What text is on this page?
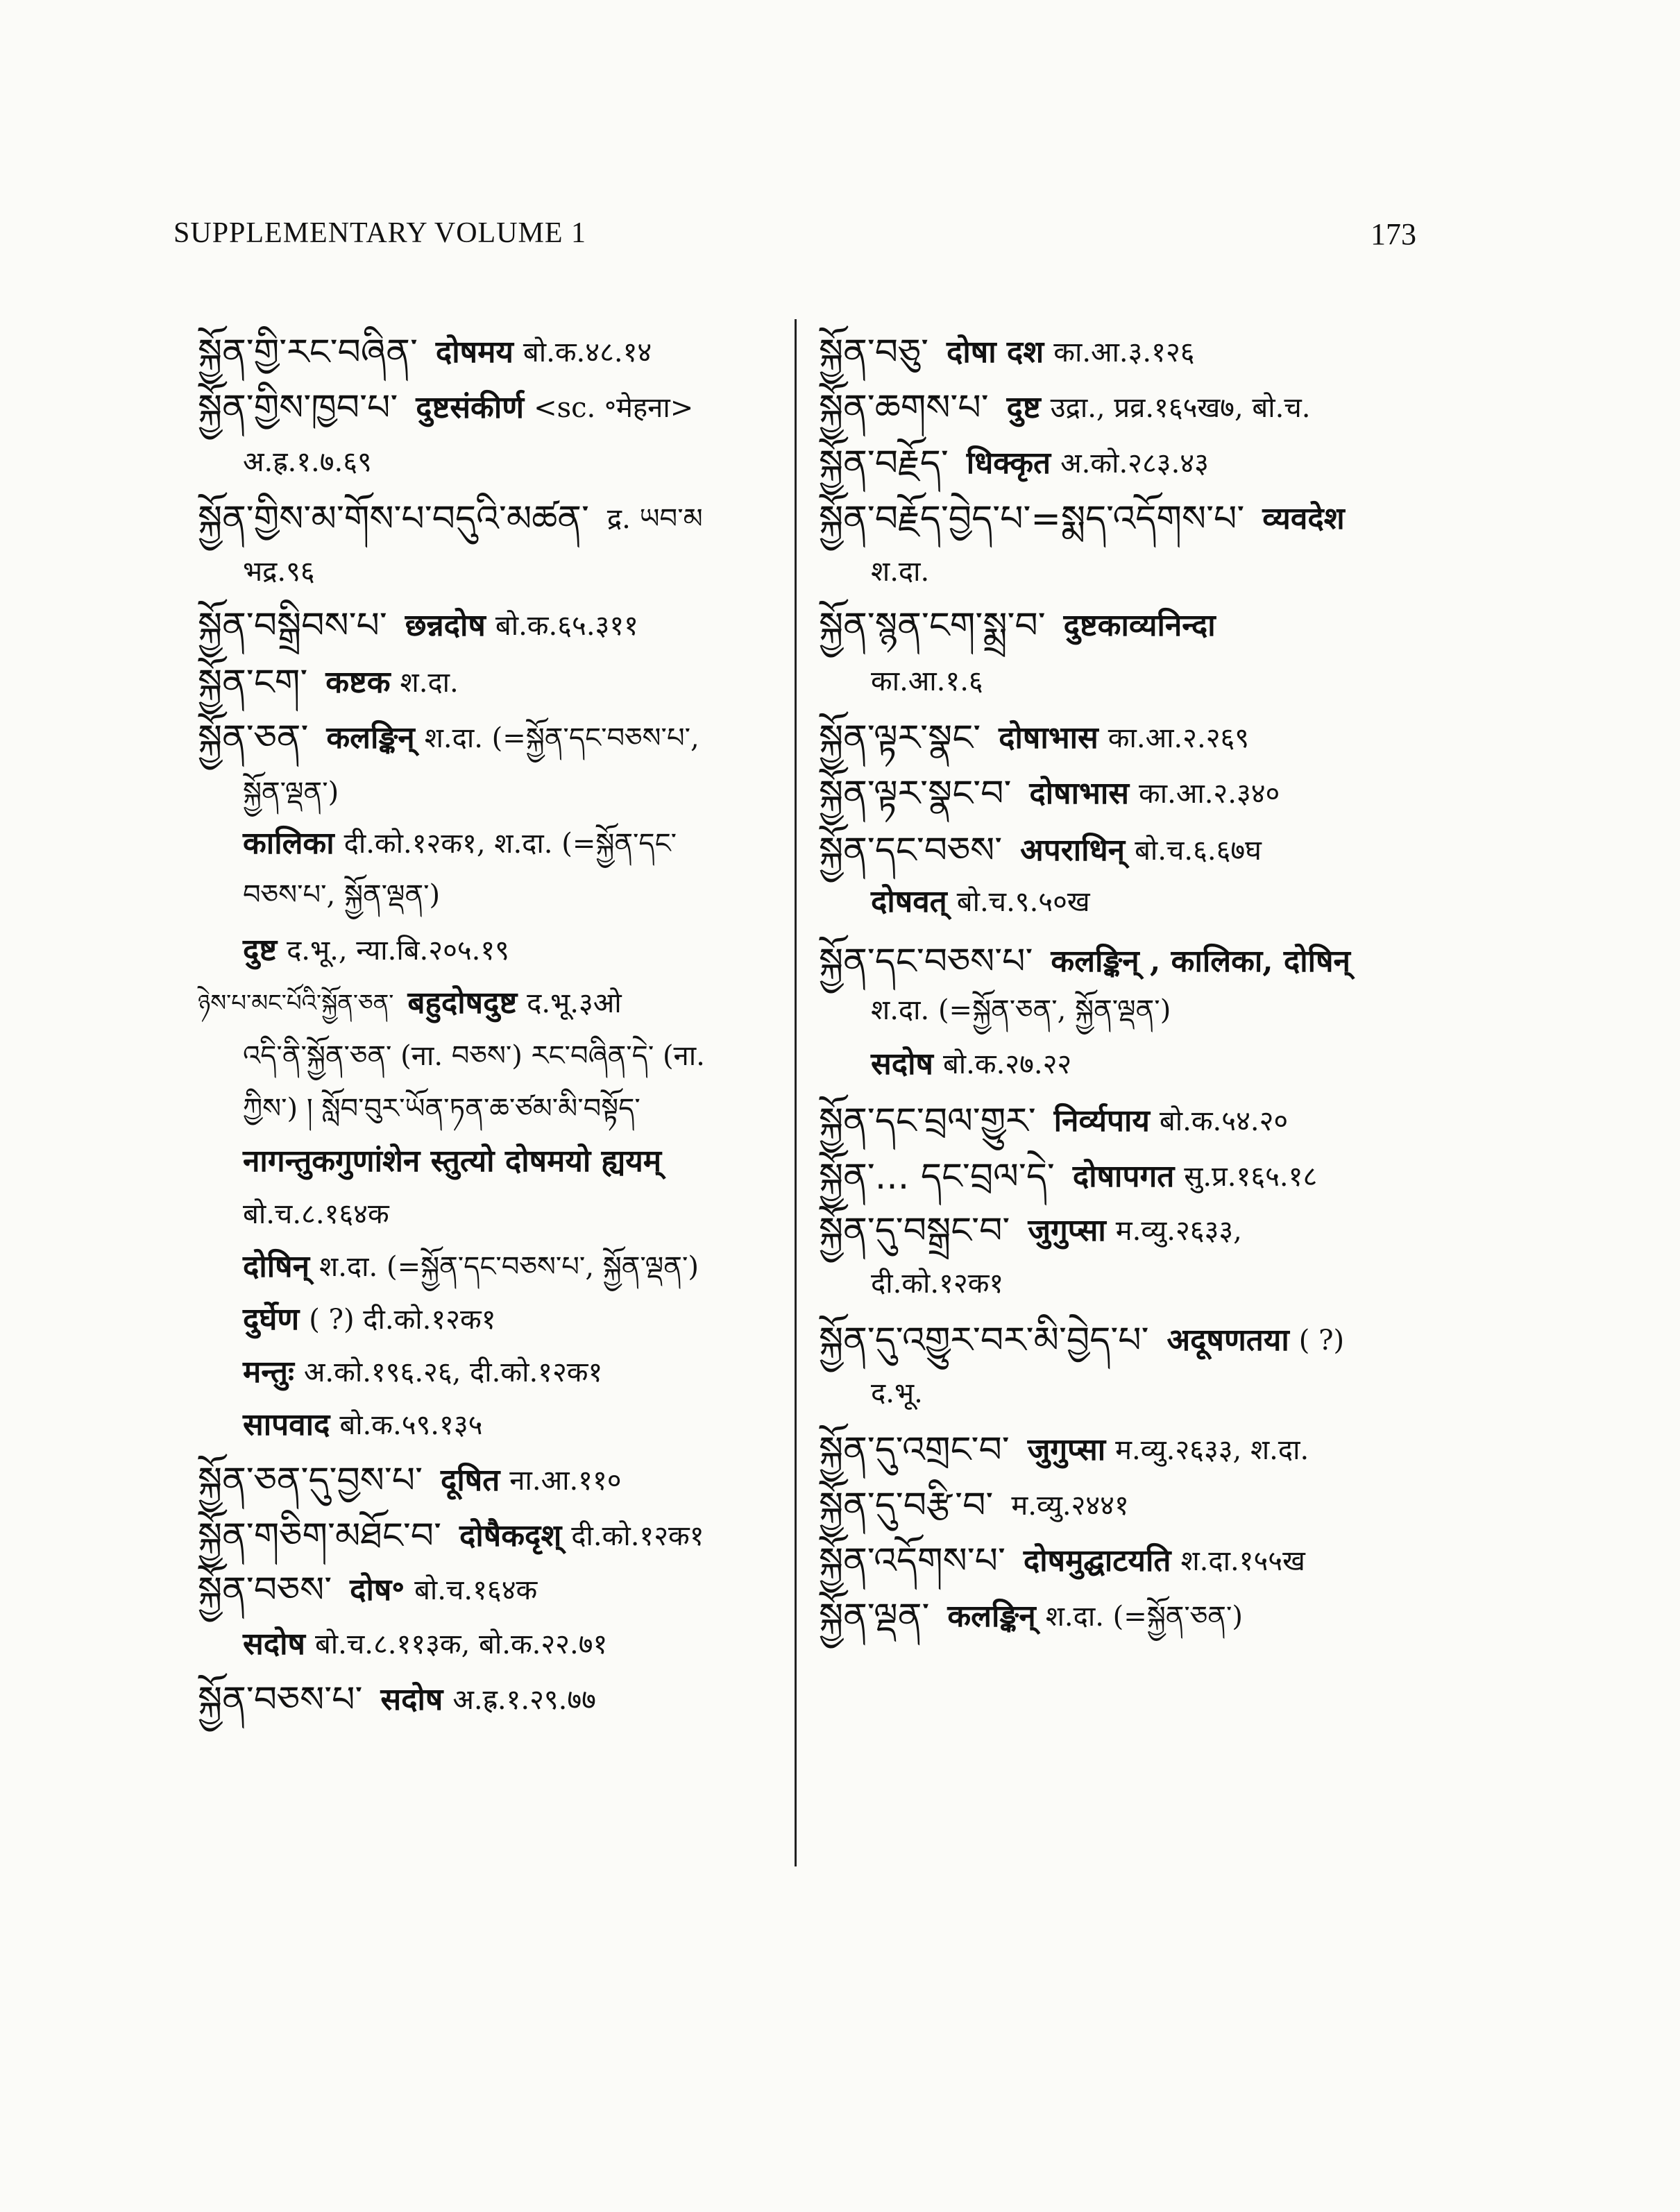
SUPPLEMENTARY VOLUME 1	173
སྐྱོན་གྱི་རང་བཞིན་ दोषमय बो.क.४८.१४
སྐྱོན་གྱིས་ཁྱབ་པ་ दुष्टसंकीर्ण <sc. ॰मेहना>
अ.ह्र.१.७.६९
སྐྱོན་གྱིས་མ་གོས་པ་བདུའི་མཚན་ द्र. ཡབ་མ
भद्र.९६
སྐྱོན་བསྒྲིབས་པ་ छन्नदोष बो.क.६५.३११
སྐྱོན་ངག་ कष्टक श.दा.
སྐྱོན་ཅན་ कलङ्किन् श.दा. (=སྐྱོན་དང་བཅས་པ་,
སྐྱོན་ལྡན་)
कालिका दी.को.१२क१, श.दा. (=སྐྱོན་དང་
བཅས་པ་, སྐྱོན་ལྡན་)
दुष्ट द.भू., न्या.बि.२०५.१९
ཉེས་པ་མང་པོའི་སྐྱོན་ཅན་ बहुदोषदुष्ट द.भू.३ओ
འདི་ནི་སྐྱོན་ཅན་ (ना. བཅས་) རང་བཞིན་དེ་ (ना.
ཀྱིས་) ། སློབ་བུར་ཡོན་ཏན་ཆ་ཙམ་མི་བསྟོད་
नागन्तुकगुणांशेन स्तुत्यो दोषमयो ह्ययम्
बो.च.८.१६४क
दोषिन् श.दा. (=སྐྱོན་དང་བཅས་པ་, སྐྱོན་ལྡན་)
दुर्घेण ( ?) दी.को.१२क१
मन्तुः अ.को.१९६.२६, दी.को.१२क१
सापवाद बो.क.५९.१३५
སྐྱོན་ཅན་དུ་བྱས་པ་ दूषित ना.आ.११०
སྐྱོན་གཅིག་མཐོང་བ་ दोषैकदृश् दी.को.१२क१
སྐྱོན་བཅས་ दोष॰ बो.च.१६४क
सदोष बो.च.८.११३क, बो.क.२२.७१
སྐྱོན་བཅས་པ་ सदोष अ.ह्र.१.२९.७७
སྐྱོན་བཅུ་ दोषा दश का.आ.३.१२६
སྐྱོན་ཆགས་པ་ दुष्ट उद्रा., प्रव्र.१६५ख७, बो.च.
སྐྱོན་བརྗོད་ धिक्कृत अ.को.२८३.४३
སྐྱོན་བརྗོད་བྱེད་པ་=སྨད་འདོགས་པ་ व्यवदेश
श.दा.
སྐྱོན་སྙན་ངག་སྨྲ་བ་ दुष्टकाव्यनिन्दा
का.आ.१.६
སྐྱོན་ལྟར་སྣང་ दोषाभास का.आ.२.२६९
སྐྱོན་ལྟར་སྣང་བ་ दोषाभास का.आ.२.३४०
སྐྱོན་དང་བཅས་ अपराधिन् बो.च.६.६७घ
दोषवत् बो.च.९.५०ख
སྐྱོན་དང་བཅས་པ་ कलङ्किन् , कालिका, दोषिन्
श.दा. (=སྐྱོན་ཅན་, སྐྱོན་ལྡན་)
सदोष बो.क.२७.२२
སྐྱོན་དང་བྲལ་གྱུར་ निर्व्यपाय बो.क.५४.२०
སྐྱོན་... དང་བྲལ་དེ་ दोषापगत सु.प्र.१६५.१८
སྐྱོན་དུ་བསྒྲང་བ་ जुगुप्सा म.व्यु.२६३३,
दी.को.१२क१
སྐྱོན་དུ་འགྱུར་བར་མི་བྱེད་པ་ अदूषणतया ( ?)
द.भू.
སྐྱོན་དུ་འགྲང་བ་ जुगुप्सा म.व्यु.२६३३, श.दा.
སྐྱོན་དུ་བརྩི་བ་ म.व्यु.२४४१
སྐྱོན་འདོགས་པ་ दोषमुद्घाटयति श.दा.१५५ख
སྐྱོན་ལྡན་ कलङ्किन् श.दा. (=སྐྱོན་ཅན་)
